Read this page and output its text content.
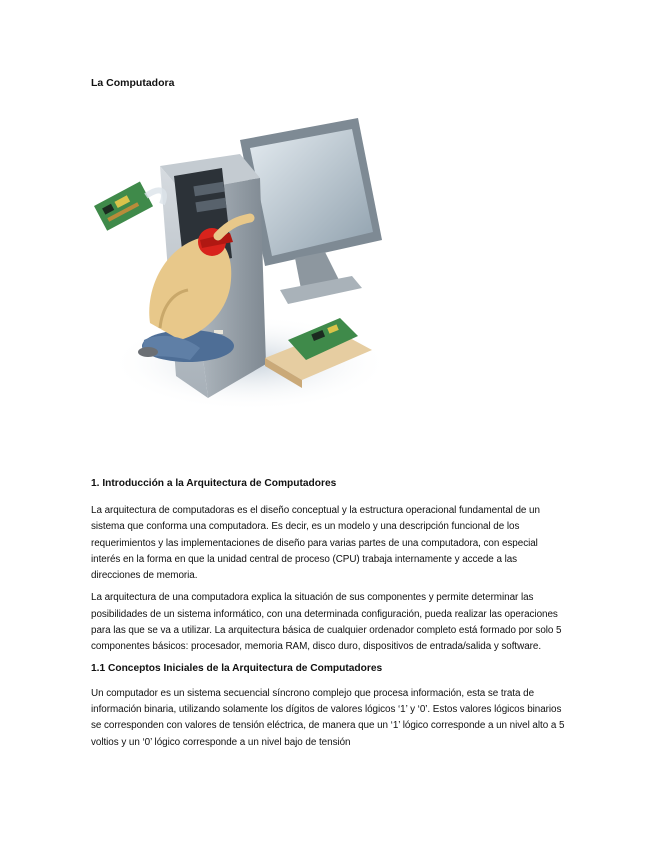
La Computadora
1. Introducción a la Arquitectura de Computadores

La arquitectura de computadoras es el diseño conceptual y la estructura operacional fundamental de un sistema que conforma una computadora. Es decir, es un modelo y una descripción funcional de los requerimientos y las implementaciones de diseño para varias partes de una computadora, con especial interés en la forma en que la unidad central de proceso (CPU) trabaja internamente y accede a las direcciones de memoria.

La arquitectura de una computadora explica la situación de sus componentes y permite determinar las posibilidades de un sistema informático, con una determinada configuración, pueda realizar las operaciones para las que se va a utilizar. La arquitectura básica de cualquier ordenador completo está formado por solo 5 componentes básicos: procesador, memoria RAM, disco duro, dispositivos de entrada/salida y software.

1.1 Conceptos Iniciales de la Arquitectura de Computadores

Un computador es un sistema secuencial síncrono complejo que procesa información, esta se trata de información binaria, utilizando solamente los dígitos de valores lógicos ‘1’ y ‘0’. Estos valores lógicos binarios se corresponden con valores de tensión eléctrica, de manera que un ‘1’ lógico corresponde a un nivel alto a 5 voltios y un ‘0’ lógico corresponde a un nivel bajo de tensión
